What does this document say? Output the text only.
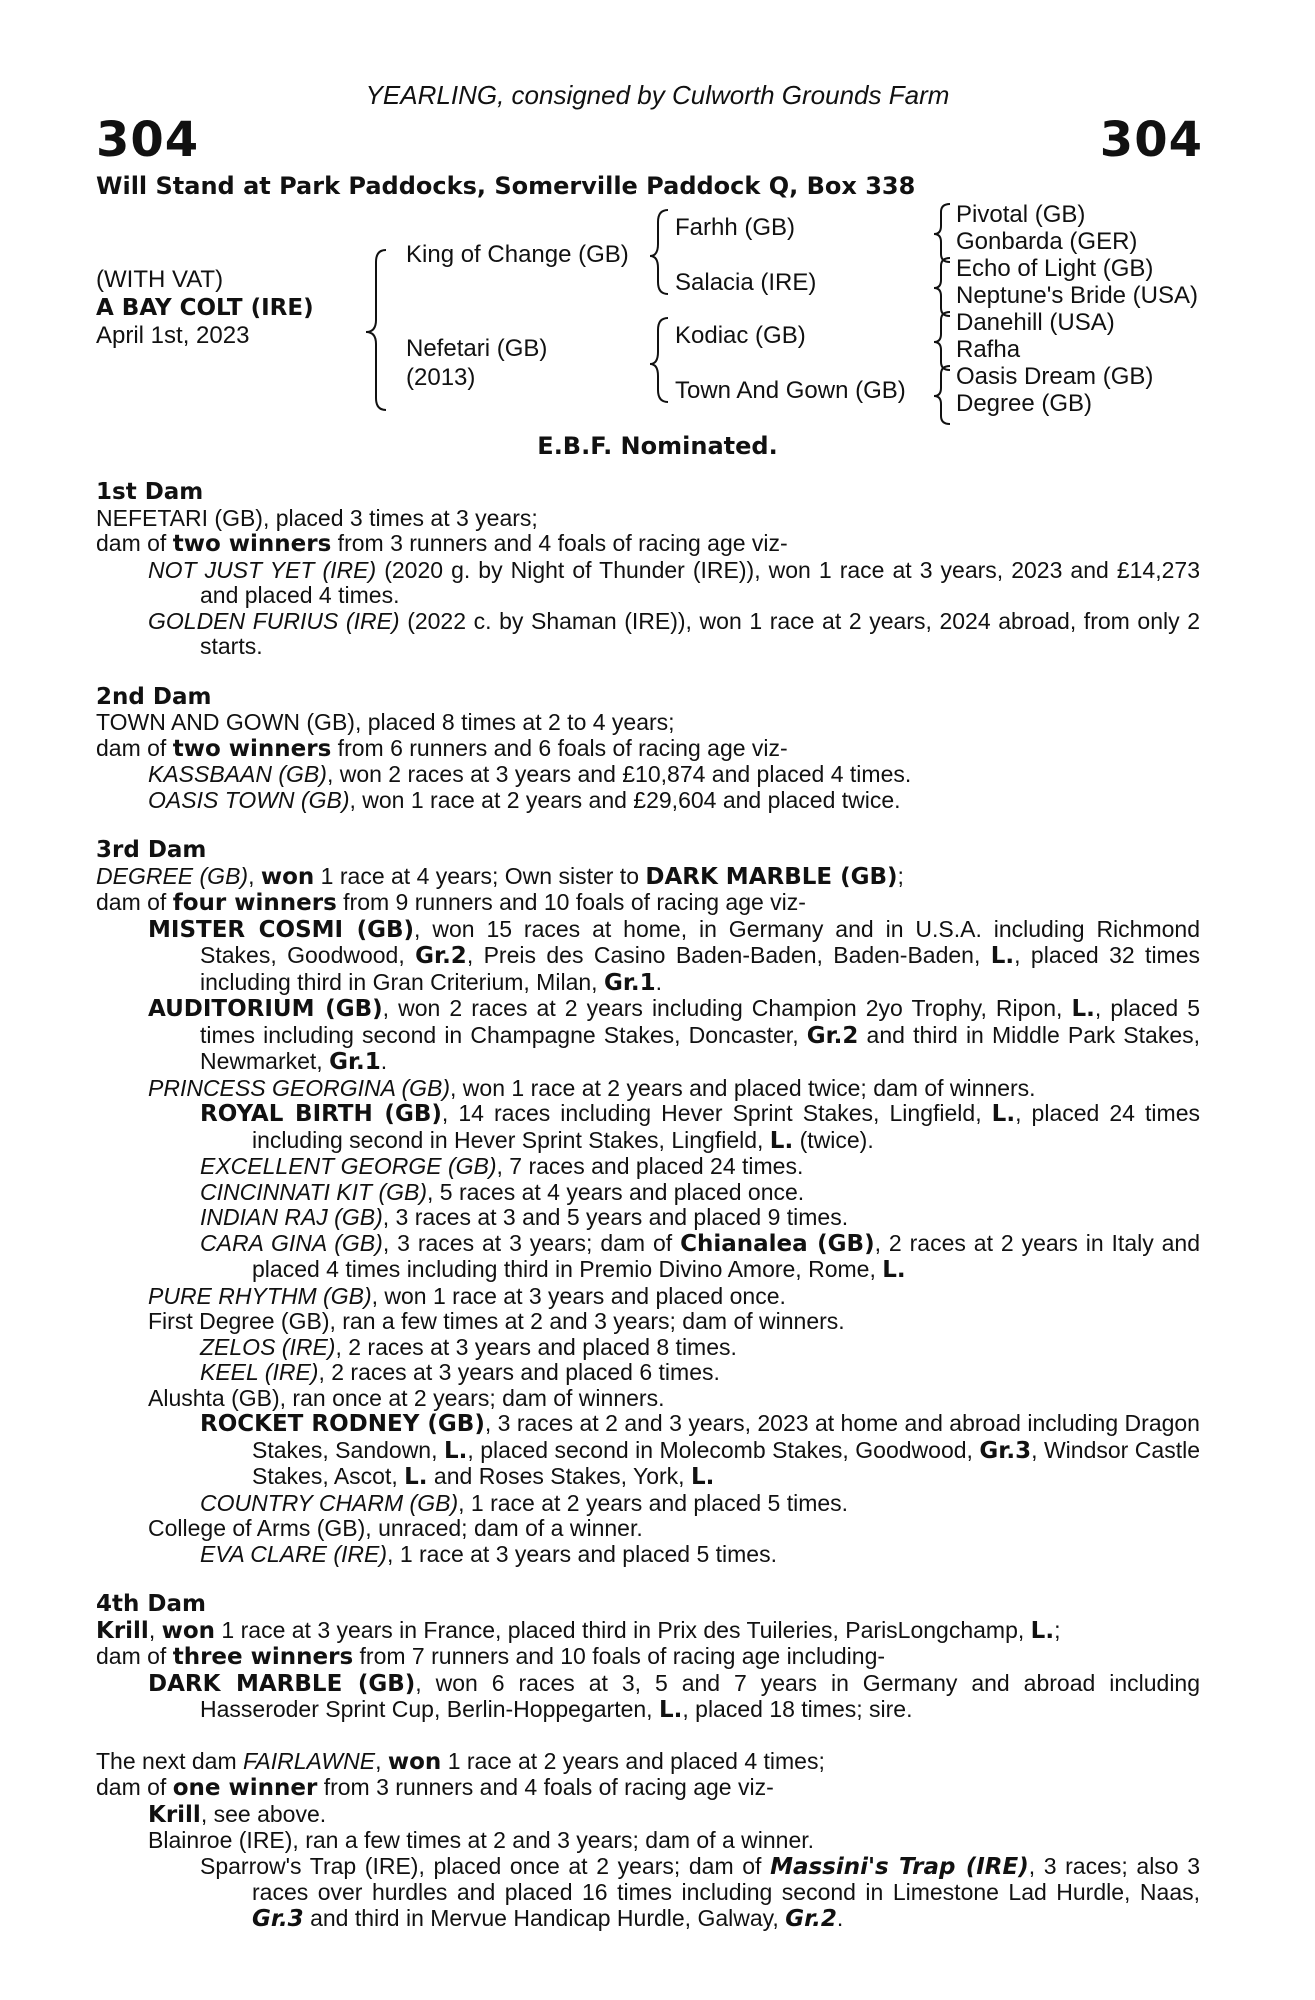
YEARLING, consigned by Culworth Grounds Farm
304	304
Will Stand at Park Paddocks, Somerville Paddock Q, Box 338
(WITH VAT)
A BAY COLT (IRE)
April 1st, 2023
King of Change (GB)
Nefetari (GB)
(2013)
Farhh (GB)
Salacia (IRE)
Kodiac (GB)
Town And Gown (GB)
Pivotal (GB)
Gonbarda (GER)
Echo of Light (GB)
Neptune's Bride (USA)
Danehill (USA)
Rafha
Oasis Dream (GB)
Degree (GB)
E.B.F. Nominated.
1st Dam
NEFETARI (GB), placed 3 times at 3 years;
dam of two winners from 3 runners and 4 foals of racing age viz-
NOT JUST YET (IRE) (2020 g. by Night of Thunder (IRE)), won 1 race at 3 years, 2023 and £14,273 and placed 4 times.
GOLDEN FURIUS (IRE) (2022 c. by Shaman (IRE)), won 1 race at 2 years, 2024 abroad, from only 2 starts.
2nd Dam
TOWN AND GOWN (GB), placed 8 times at 2 to 4 years;
dam of two winners from 6 runners and 6 foals of racing age viz-
KASSBAAN (GB), won 2 races at 3 years and £10,874 and placed 4 times.
OASIS TOWN (GB), won 1 race at 2 years and £29,604 and placed twice.
3rd Dam
DEGREE (GB), won 1 race at 4 years; Own sister to DARK MARBLE (GB);
dam of four winners from 9 runners and 10 foals of racing age viz-
MISTER COSMI (GB), won 15 races at home, in Germany and in U.S.A. including Richmond Stakes, Goodwood, Gr.2, Preis des Casino Baden-Baden, Baden-Baden, L., placed 32 times including third in Gran Criterium, Milan, Gr.1.
AUDITORIUM (GB), won 2 races at 2 years including Champion 2yo Trophy, Ripon, L., placed 5 times including second in Champagne Stakes, Doncaster, Gr.2 and third in Middle Park Stakes, Newmarket, Gr.1.
PRINCESS GEORGINA (GB), won 1 race at 2 years and placed twice; dam of winners.
ROYAL BIRTH (GB), 14 races including Hever Sprint Stakes, Lingfield, L., placed 24 times including second in Hever Sprint Stakes, Lingfield, L. (twice).
EXCELLENT GEORGE (GB), 7 races and placed 24 times.
CINCINNATI KIT (GB), 5 races at 4 years and placed once.
INDIAN RAJ (GB), 3 races at 3 and 5 years and placed 9 times.
CARA GINA (GB), 3 races at 3 years; dam of Chianalea (GB), 2 races at 2 years in Italy and placed 4 times including third in Premio Divino Amore, Rome, L.
PURE RHYTHM (GB), won 1 race at 3 years and placed once.
First Degree (GB), ran a few times at 2 and 3 years; dam of winners.
ZELOS (IRE), 2 races at 3 years and placed 8 times.
KEEL (IRE), 2 races at 3 years and placed 6 times.
Alushta (GB), ran once at 2 years; dam of winners.
ROCKET RODNEY (GB), 3 races at 2 and 3 years, 2023 at home and abroad including Dragon Stakes, Sandown, L., placed second in Molecomb Stakes, Goodwood, Gr.3, Windsor Castle Stakes, Ascot, L. and Roses Stakes, York, L.
COUNTRY CHARM (GB), 1 race at 2 years and placed 5 times.
College of Arms (GB), unraced; dam of a winner.
EVA CLARE (IRE), 1 race at 3 years and placed 5 times.
4th Dam
Krill, won 1 race at 3 years in France, placed third in Prix des Tuileries, ParisLongchamp, L.;
dam of three winners from 7 runners and 10 foals of racing age including-
DARK MARBLE (GB), won 6 races at 3, 5 and 7 years in Germany and abroad including Hasseroder Sprint Cup, Berlin-Hoppegarten, L., placed 18 times; sire.
The next dam FAIRLAWNE, won 1 race at 2 years and placed 4 times;
dam of one winner from 3 runners and 4 foals of racing age viz-
Krill, see above.
Blainroe (IRE), ran a few times at 2 and 3 years; dam of a winner.
Sparrow's Trap (IRE), placed once at 2 years; dam of Massini's Trap (IRE), 3 races; also 3 races over hurdles and placed 16 times including second in Limestone Lad Hurdle, Naas, Gr.3 and third in Mervue Handicap Hurdle, Galway, Gr.2.
